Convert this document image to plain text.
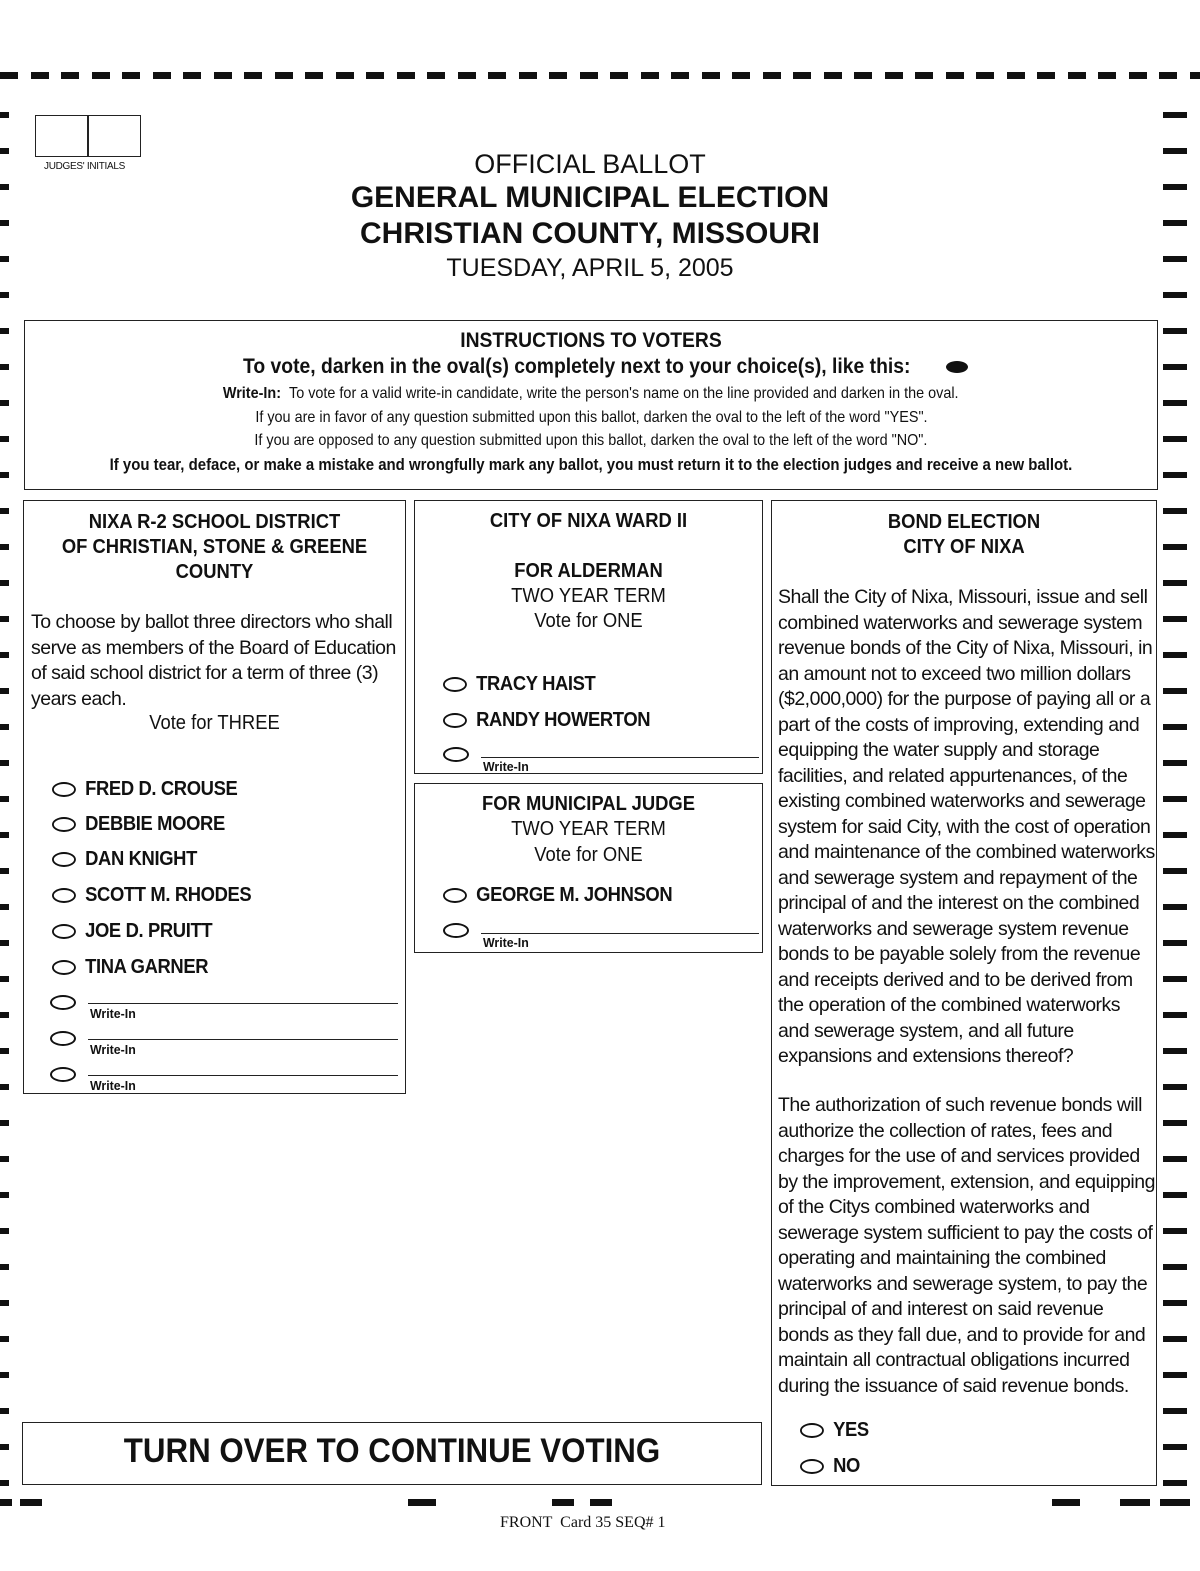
JUDGES' INITIALS	OFFICIAL BALLOT
GENERAL MUNICIPAL ELECTION
CHRISTIAN COUNTY, MISSOURI
TUESDAY, APRIL 5, 2005
INSTRUCTIONS TO VOTERS
To vote, darken in the oval(s) completely next to your choice(s), like this:
Write-In: To vote for a valid write-in candidate, write the person's name on the line provided and darken in the oval.
If you are in favor of any question submitted upon this ballot, darken the oval to the left of the word "YES".
If you are opposed to any question submitted upon this ballot, darken the oval to the left of the word "NO".
If you tear, deface, or make a mistake and wrongfully mark any ballot, you must return it to the election judges and receive a new ballot.
NIXA R-2 SCHOOL DISTRICT
OF CHRISTIAN, STONE & GREENE
COUNTY
To choose by ballot three directors who shall
serve as members of the Board of Education
of said school district for a term of three (3)
years each.
Vote for THREE
FRED D. CROUSE
DEBBIE MOORE
DAN KNIGHT
SCOTT M. RHODES
JOE D. PRUITT
TINA GARNER
Write-In
Write-In
Write-In
CITY OF NIXA WARD II
FOR ALDERMAN
TWO YEAR TERM
Vote for ONE
TRACY HAIST
RANDY HOWERTON
Write-In
FOR MUNICIPAL JUDGE
TWO YEAR TERM
Vote for ONE
GEORGE M. JOHNSON
Write-In
BOND ELECTION
CITY OF NIXA
Shall the City of Nixa, Missouri, issue and sell
combined waterworks and sewerage system
revenue bonds of the City of Nixa, Missouri, in
an amount not to exceed two million dollars
($2,000,000) for the purpose of paying all or a
part of the costs of improving, extending and
equipping the water supply and storage
facilities, and related appurtenances, of the
existing combined waterworks and sewerage
system for said City, with the cost of operation
and maintenance of the combined waterworks
and sewerage system and repayment of the
principal of and the interest on the combined
waterworks and sewerage system revenue
bonds to be payable solely from the revenue
and receipts derived and to be derived from
the operation of the combined waterworks
and sewerage system, and all future
expansions and extensions thereof?
The authorization of such revenue bonds will
authorize the collection of rates, fees and
charges for the use of and services provided
by the improvement, extension, and equipping
of the Citys combined waterworks and
sewerage system sufficient to pay the costs of
operating and maintaining the combined
waterworks and sewerage system, to pay the
principal of and interest on said revenue
bonds as they fall due, and to provide for and
maintain all contractual obligations incurred
during the issuance of said revenue bonds.
YES
NO
TURN OVER TO CONTINUE VOTING
FRONT  Card 35 SEQ# 1
